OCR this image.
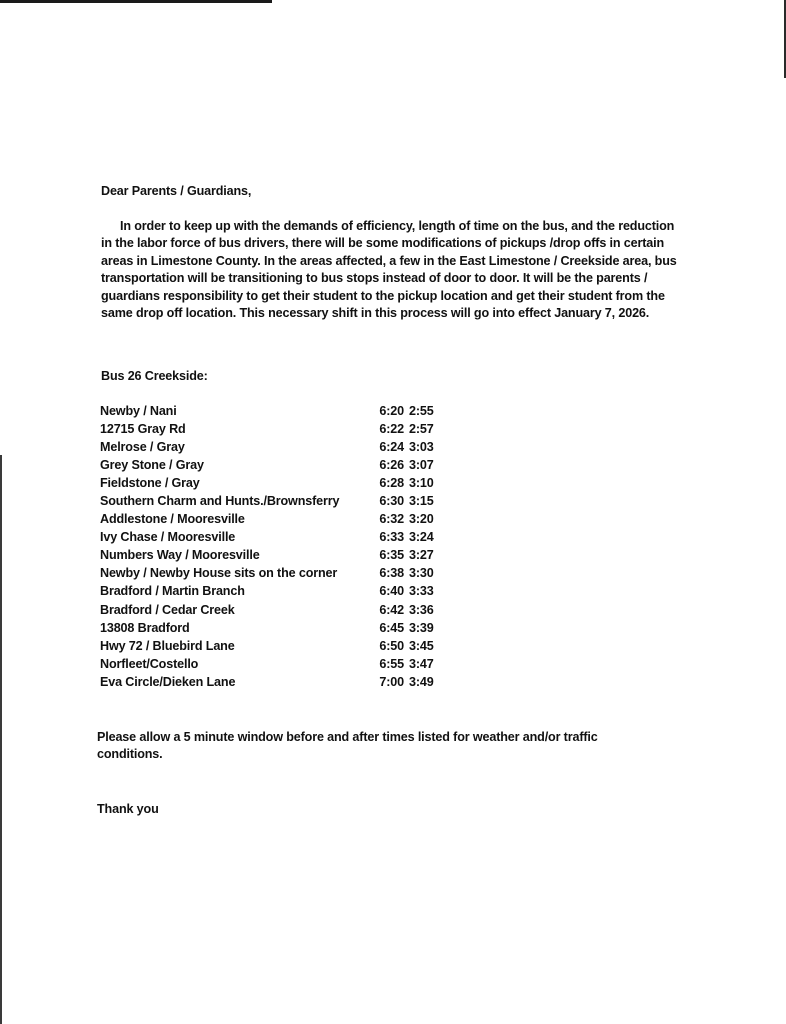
Dear Parents / Guardians,

In order to keep up with the demands of efficiency, length of time on the bus, and the reduction in the labor force of bus drivers, there will be some modifications of pickups /drop offs in certain areas in Limestone County. In the areas affected, a few in the East Limestone / Creekside area, bus transportation will be transitioning to bus stops instead of door to door. It will be the parents / guardians responsibility to get their student to the pickup location and get their student from the same drop off location. This necessary shift in this process will go into effect January 7, 2026.

Bus 26 Creekside:
Newby / Nani	6:20	2:55
12715 Gray Rd	6:22	2:57
Melrose / Gray	6:24	3:03
Grey Stone / Gray	6:26	3:07
Fieldstone / Gray	6:28	3:10
Southern Charm and Hunts./Brownsferry	6:30	3:15
Addlestone / Mooresville	6:32	3:20
Ivy Chase / Mooresville	6:33	3:24
Numbers Way / Mooresville	6:35	3:27
Newby / Newby House sits on the corner	6:38	3:30
Bradford / Martin Branch	6:40	3:33
Bradford / Cedar Creek	6:42	3:36
13808 Bradford	6:45	3:39
Hwy 72 / Bluebird Lane	6:50	3:45
Norfleet/Costello	6:55	3:47
Eva Circle/Dieken Lane	7:00	3:49

Please allow a 5 minute window before and after times listed for weather and/or traffic conditions.

Thank you
